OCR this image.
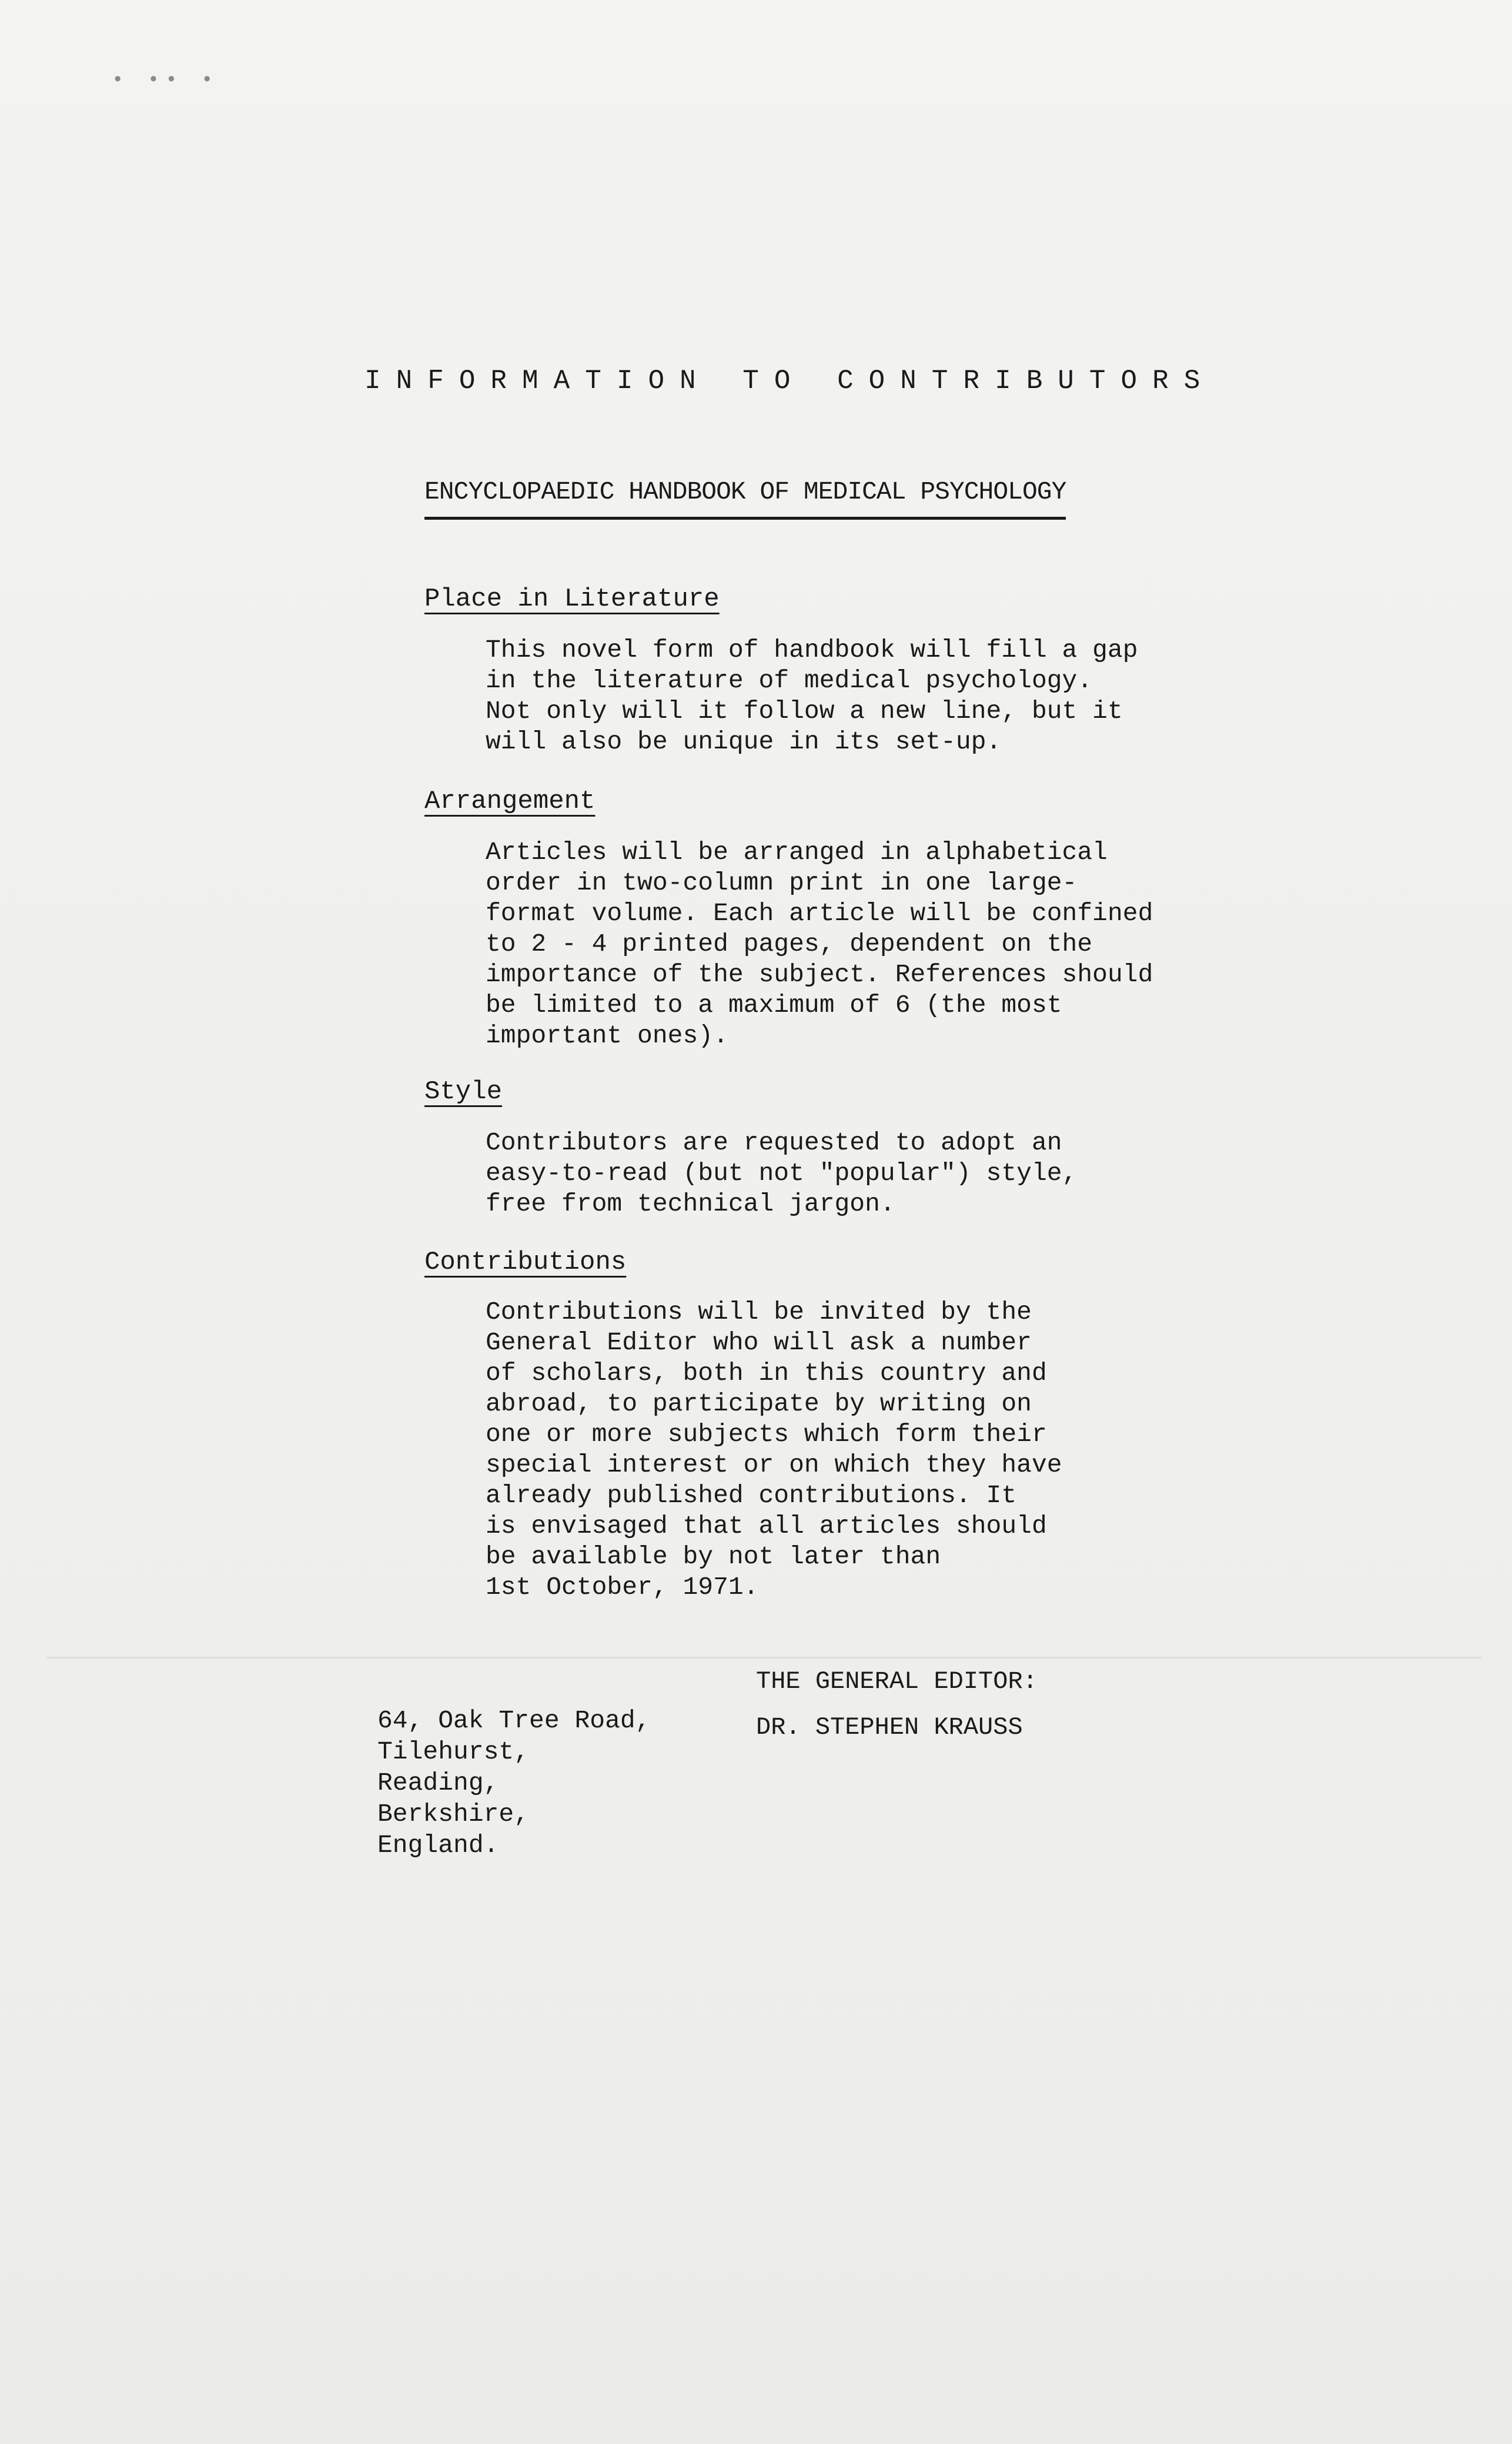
• •• •
INFORMATION TO CONTRIBUTORS
ENCYCLOPAEDIC HANDBOOK OF MEDICAL PSYCHOLOGY
Place in Literature
This novel form of handbook will fill a gap
in the literature of medical psychology.
Not only will it follow a new line, but it
will also be unique in its set-up.
Arrangement
Articles will be arranged in alphabetical
order in two-column print in one large-
format volume. Each article will be confined
to 2 - 4 printed pages, dependent on the
importance of the subject. References should
be limited to a maximum of 6 (the most
important ones).
Style
Contributors are requested to adopt an
easy-to-read (but not "popular") style,
free from technical jargon.
Contributions
Contributions will be invited by the
General Editor who will ask a number
of scholars, both in this country and
abroad, to participate by writing on
one or more subjects which form their
special interest or on which they have
already published contributions. It
is envisaged that all articles should
be available by not later than
1st October, 1971.
THE GENERAL EDITOR:
DR. STEPHEN KRAUSS
64, Oak Tree Road,
Tilehurst,
Reading,
Berkshire,
England.
